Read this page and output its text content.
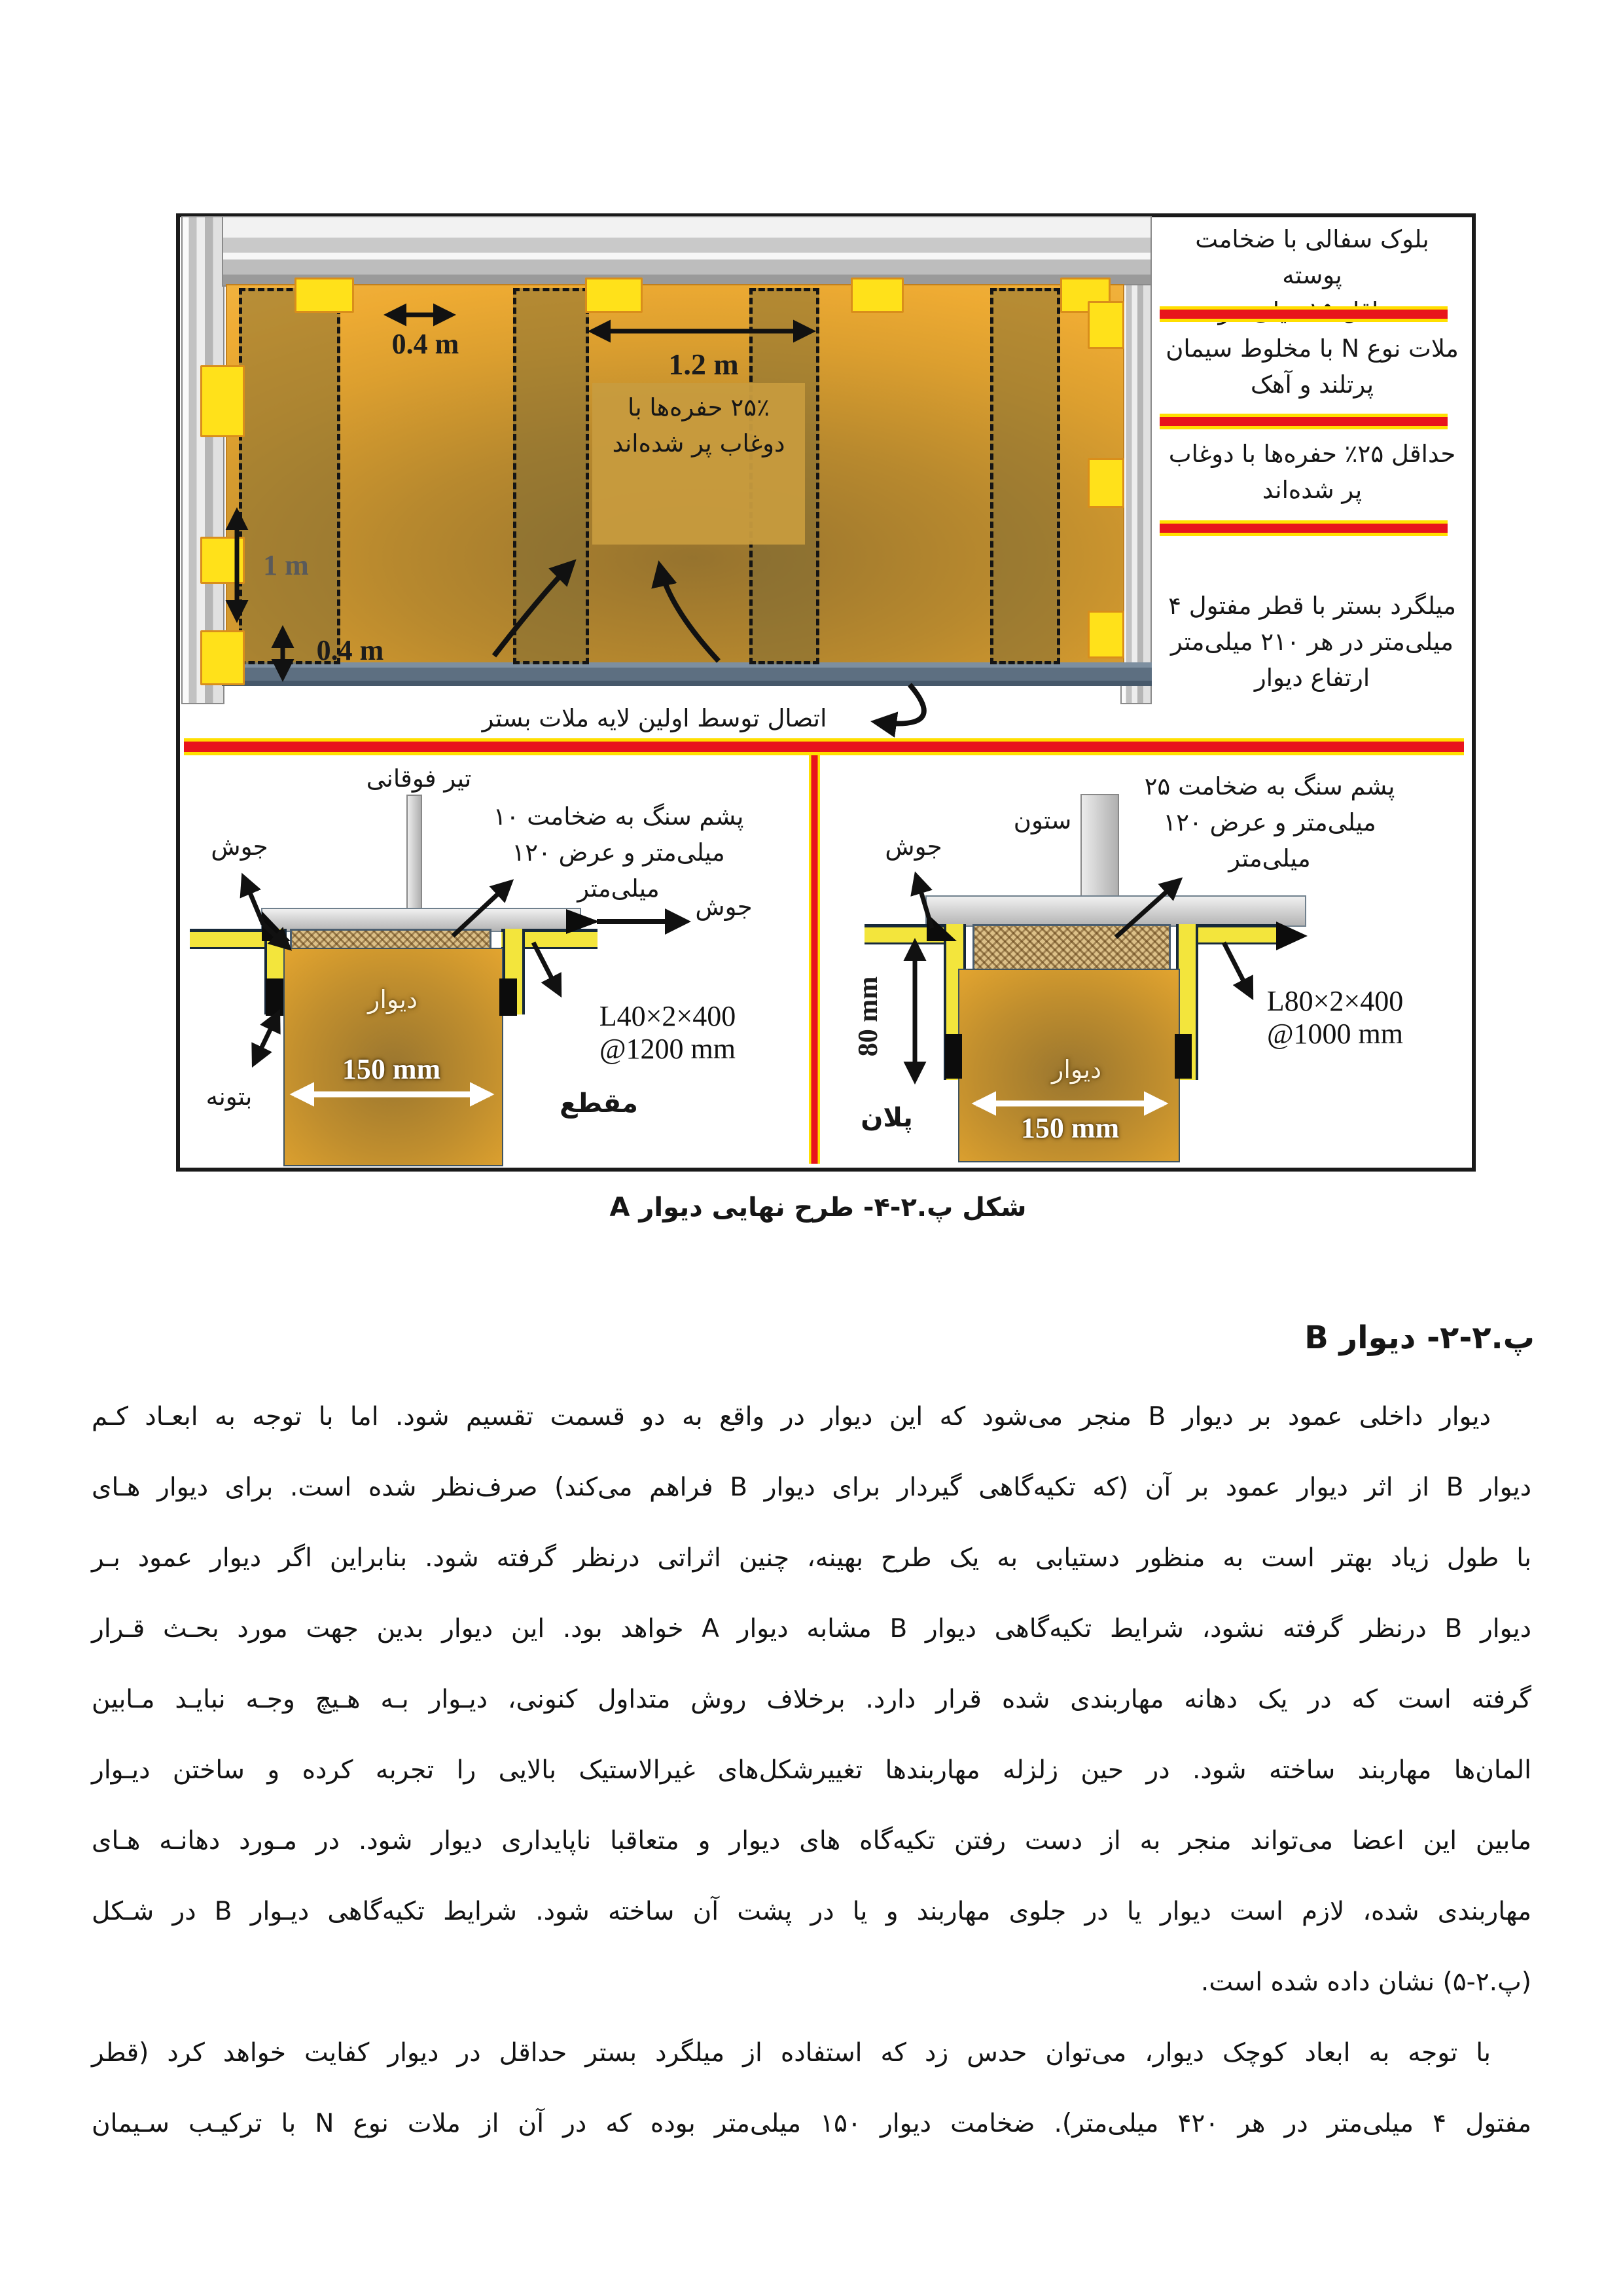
۲۵٪ حفره‌ها با
دوغاب پر شده‌اند
0.4 m
1.2 m
1 m
0.4 m
اتصال توسط اولین لایه ملات بستر
بلوک سفالی با ضخامت پوسته
ملات نوع N با مخلوط سیمان
پرتلند و آهک
حداقل ۲۵٪ حفره‌ها با دوغاب
پر شده‌اند
میلگرد بستر با قطر مفتول ۴
میلی‌متر در هر ۲۱۰ میلی‌متر
ارتفاع دیوار
تیر فوقانی
پشم سنگ به ضخامت ۱۰
میلی‌متر و عرض ۱۲۰ میلی‌متر
جوش
جوش
دیوار
150 mm
L40×2×400
@1200 mm
بتونه	مقطع
پشم سنگ به ضخامت ۲۵
میلی‌متر و عرض ۱۲۰
میلی‌متر
ستون
جوش
80 mm
دیوار
150 mm
L80×2×400
@1000 mm
پلان
شکل پ.۲-۴- طرح نهایی دیوار A
پ.۲-۲- دیوار B
دیوار داخلی عمود بر دیوار B منجر می‌شود که این دیوار در واقع به دو قسمت تقسیم شود. اما با توجه به ابعـاد کـم
دیوار B از اثر دیوار عمود بر آن (که تکیه‌گاهی گیردار برای دیوار B فراهم می‌کند) صرف‌نظر شده است. برای دیوار هـای
با طول زیاد بهتر است به منظور دستیابی به یک طرح بهینه، چنین اثراتی درنظر گرفته شود. بنابراین اگر دیوار عمود بـر
دیوار B درنظر گرفته نشود، شرایط تکیه‌گاهی دیوار B مشابه دیوار A خواهد بود. این دیوار بدین جهت مورد بحـث قـرار
گرفته است که در یک دهانه مهاربندی شده قرار دارد. برخلاف روش متداول کنونی، دیـوار بـه هـیچ وجـه نبایـد مـابین
المان‌ها مهاربند ساخته شود. در حین زلزله مهاربندها تغییرشکل‌های غیرالاستیک بالایی را تجربه کرده و ساختن دیـوار
مابین این اعضا می‌تواند منجر به از دست رفتن تکیه‌گاه های دیوار و متعاقبا ناپایداری دیوار شود. در مـورد دهانـه هـای
مهاربندی شده، لازم است دیوار یا در جلوی مهاربند و یا در پشت آن ساخته شود. شرایط تکیه‌گاهی دیـوار B در شـکل
(پ.۲-۵) نشان داده شده است.
با توجه به ابعاد کوچک دیوار، می‌توان حدس زد که استفاده از میلگرد بستر حداقل در دیوار کفایت خواهد کرد (قطر
مفتول ۴ میلی‌متر در هر ۴۲۰ میلی‌متر). ضخامت دیوار ۱۵۰ میلی‌متر بوده که در آن از ملات نوع N با ترکیـب سـیمان
